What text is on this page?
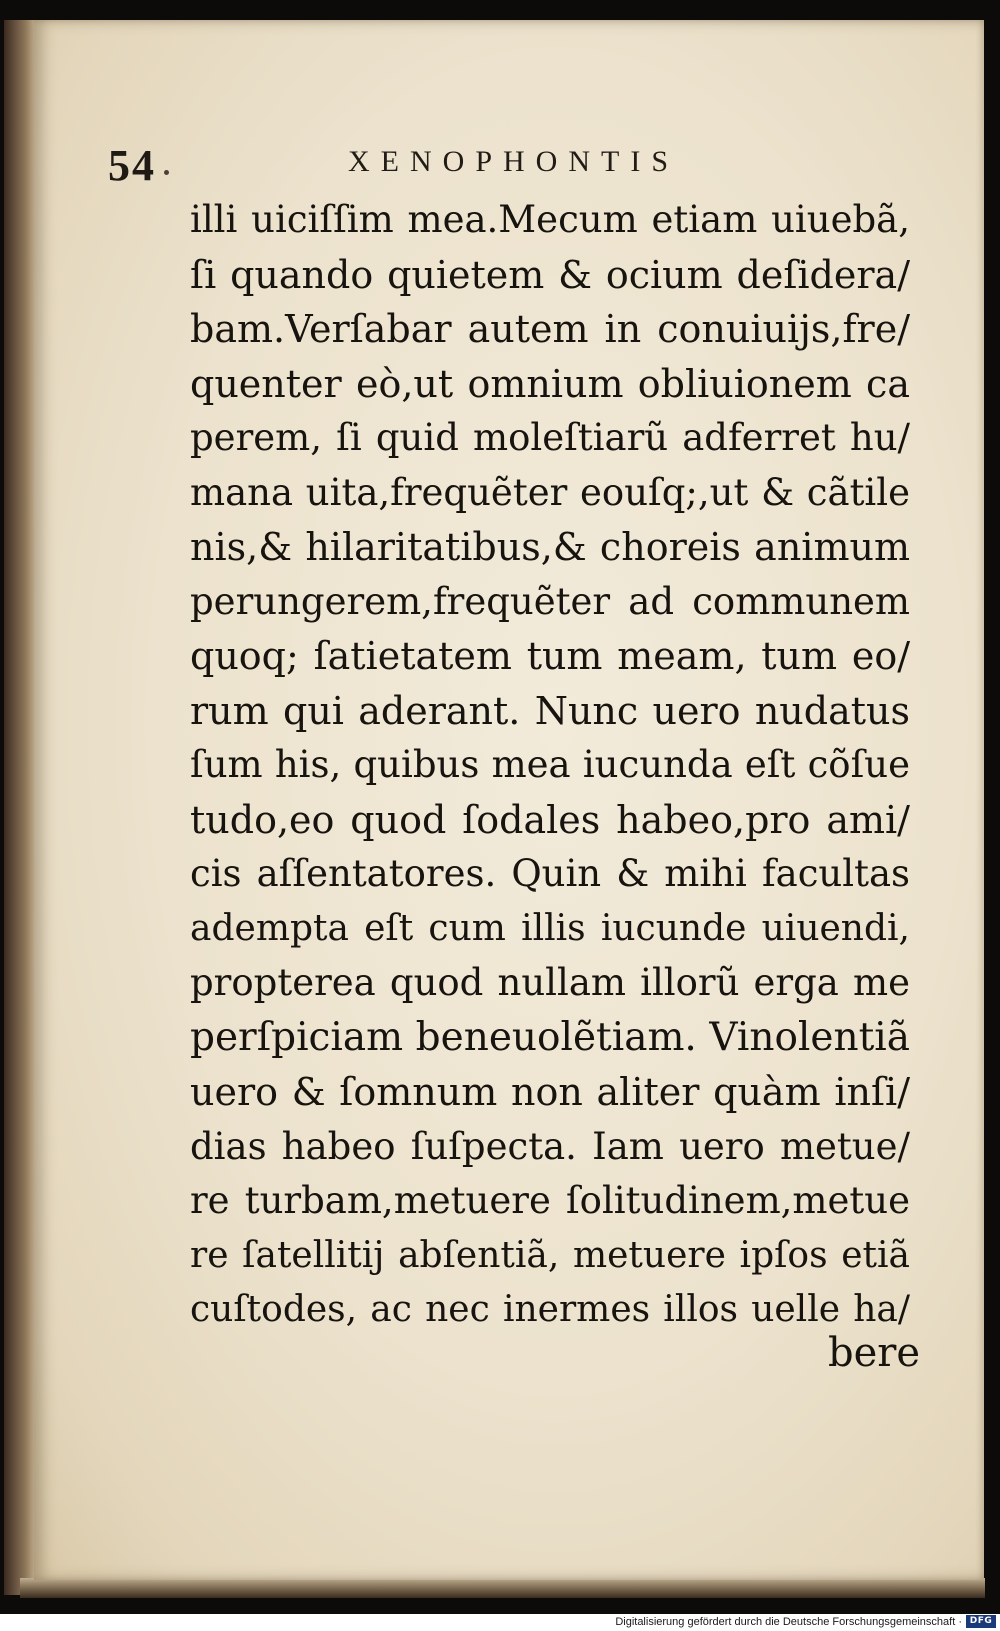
54	XENOPHONTIS
illi uiciſſim mea.Mecum etiam uiuebã,
ſi quando quietem & ocium deſidera/
bam.Verſabar autem in conuiuijs,fre/
quenter eò,ut omnium obliuionem ca
perem, ſi quid moleſtiarũ adferret hu/
mana uita,frequẽter eouſq;,ut & cãtile
nis,& hilaritatibus,& choreis animum
perungerem,frequẽter ad communem
quoq; ſatietatem tum meam, tum eo/
rum qui aderant. Nunc uero nudatus
ſum his, quibus mea iucunda eſt cõſue
tudo,eo quod ſodales habeo,pro ami/
cis aſſentatores. Quin & mihi facultas
adempta eſt cum illis iucunde uiuendi,
propterea quod nullam illorũ erga me
perſpiciam beneuolẽtiam. Vinolentiã
uero & ſomnum non aliter quàm inſi/
dias habeo ſuſpecta. Iam uero metue/
re turbam,metuere ſolitudinem,metue
re ſatellitij abſentiã, metuere ipſos etiã
cuſtodes, ac nec inermes illos uelle ha/
bere
Digitalisierung gefördert durch die Deutsche Forschungsgemeinschaft · DFG
